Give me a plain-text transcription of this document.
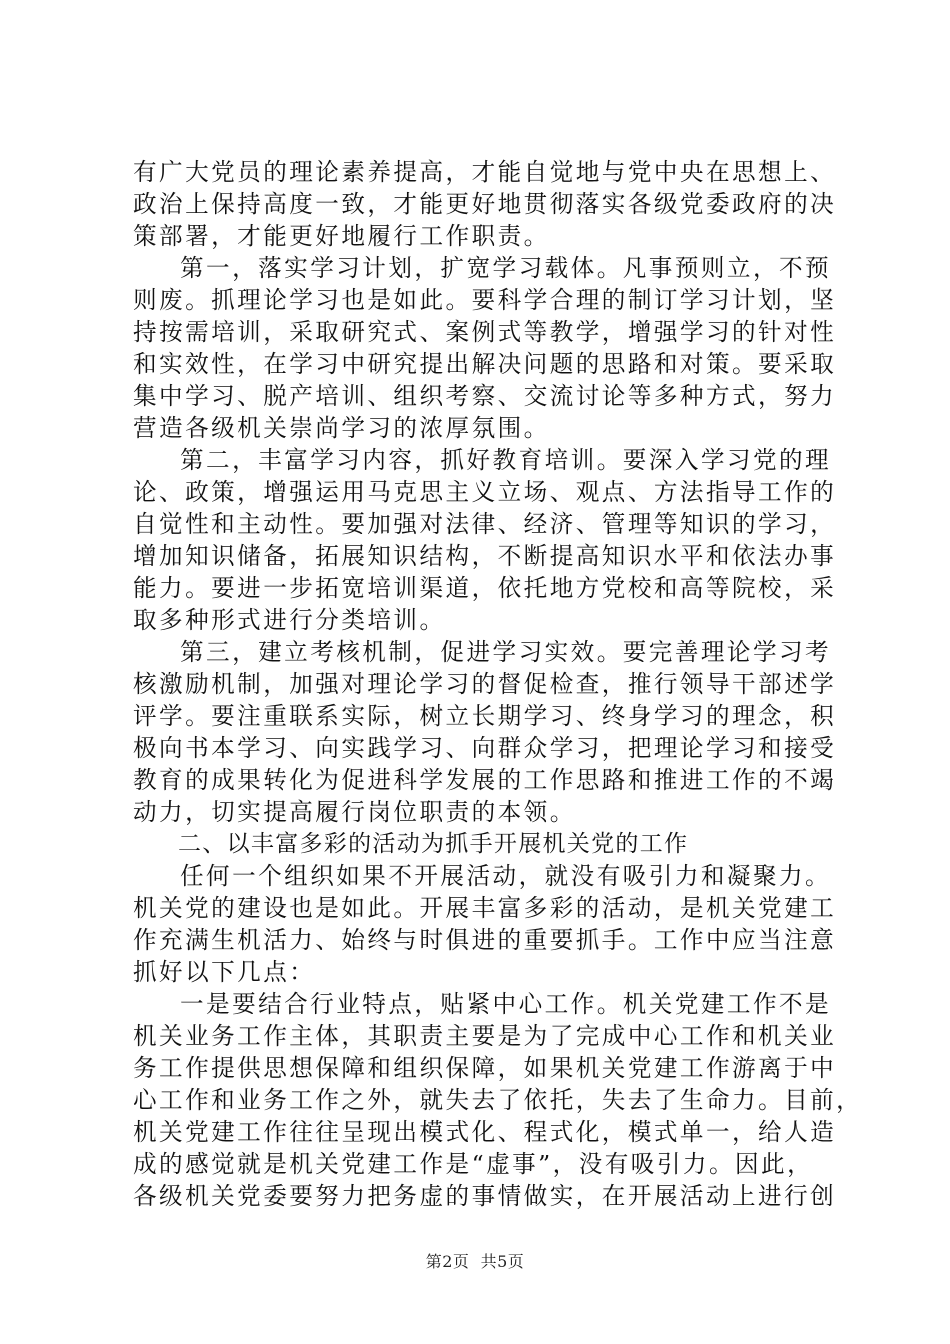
有广大党员的理论素养提高，才能自觉地与党中央在思想上、
政治上保持高度一致，才能更好地贯彻落实各级党委政府的决
策部署，才能更好地履行工作职责。
第一，落实学习计划，扩宽学习载体。凡事预则立，不预
则废。抓理论学习也是如此。要科学合理的制订学习计划，坚
持按需培训，采取研究式、案例式等教学，增强学习的针对性
和实效性，在学习中研究提出解决问题的思路和对策。要采取
集中学习、脱产培训、组织考察、交流讨论等多种方式，努力
营造各级机关崇尚学习的浓厚氛围。
第二，丰富学习内容，抓好教育培训。要深入学习党的理
论、政策，增强运用马克思主义立场、观点、方法指导工作的
自觉性和主动性。要加强对法律、经济、管理等知识的学习，
增加知识储备，拓展知识结构，不断提高知识水平和依法办事
能力。要进一步拓宽培训渠道，依托地方党校和高等院校，采
取多种形式进行分类培训。
第三，建立考核机制，促进学习实效。要完善理论学习考
核激励机制，加强对理论学习的督促检查，推行领导干部述学
评学。要注重联系实际，树立长期学习、终身学习的理念，积
极向书本学习、向实践学习、向群众学习，把理论学习和接受
教育的成果转化为促进科学发展的工作思路和推进工作的不竭
动力，切实提高履行岗位职责的本领。
二、以丰富多彩的活动为抓手开展机关党的工作
任何一个组织如果不开展活动，就没有吸引力和凝聚力。
机关党的建设也是如此。开展丰富多彩的活动，是机关党建工
作充满生机活力、始终与时俱进的重要抓手。工作中应当注意
抓好以下几点：
一是要结合行业特点，贴紧中心工作。机关党建工作不是
机关业务工作主体，其职责主要是为了完成中心工作和机关业
务工作提供思想保障和组织保障，如果机关党建工作游离于中
心工作和业务工作之外，就失去了依托，失去了生命力。目前，
机关党建工作往往呈现出模式化、程式化，模式单一，给人造
成的感觉就是机关党建工作是“虚事”，没有吸引力。因此，
各级机关党委要努力把务虚的事情做实，在开展活动上进行创
第2页  共5页
